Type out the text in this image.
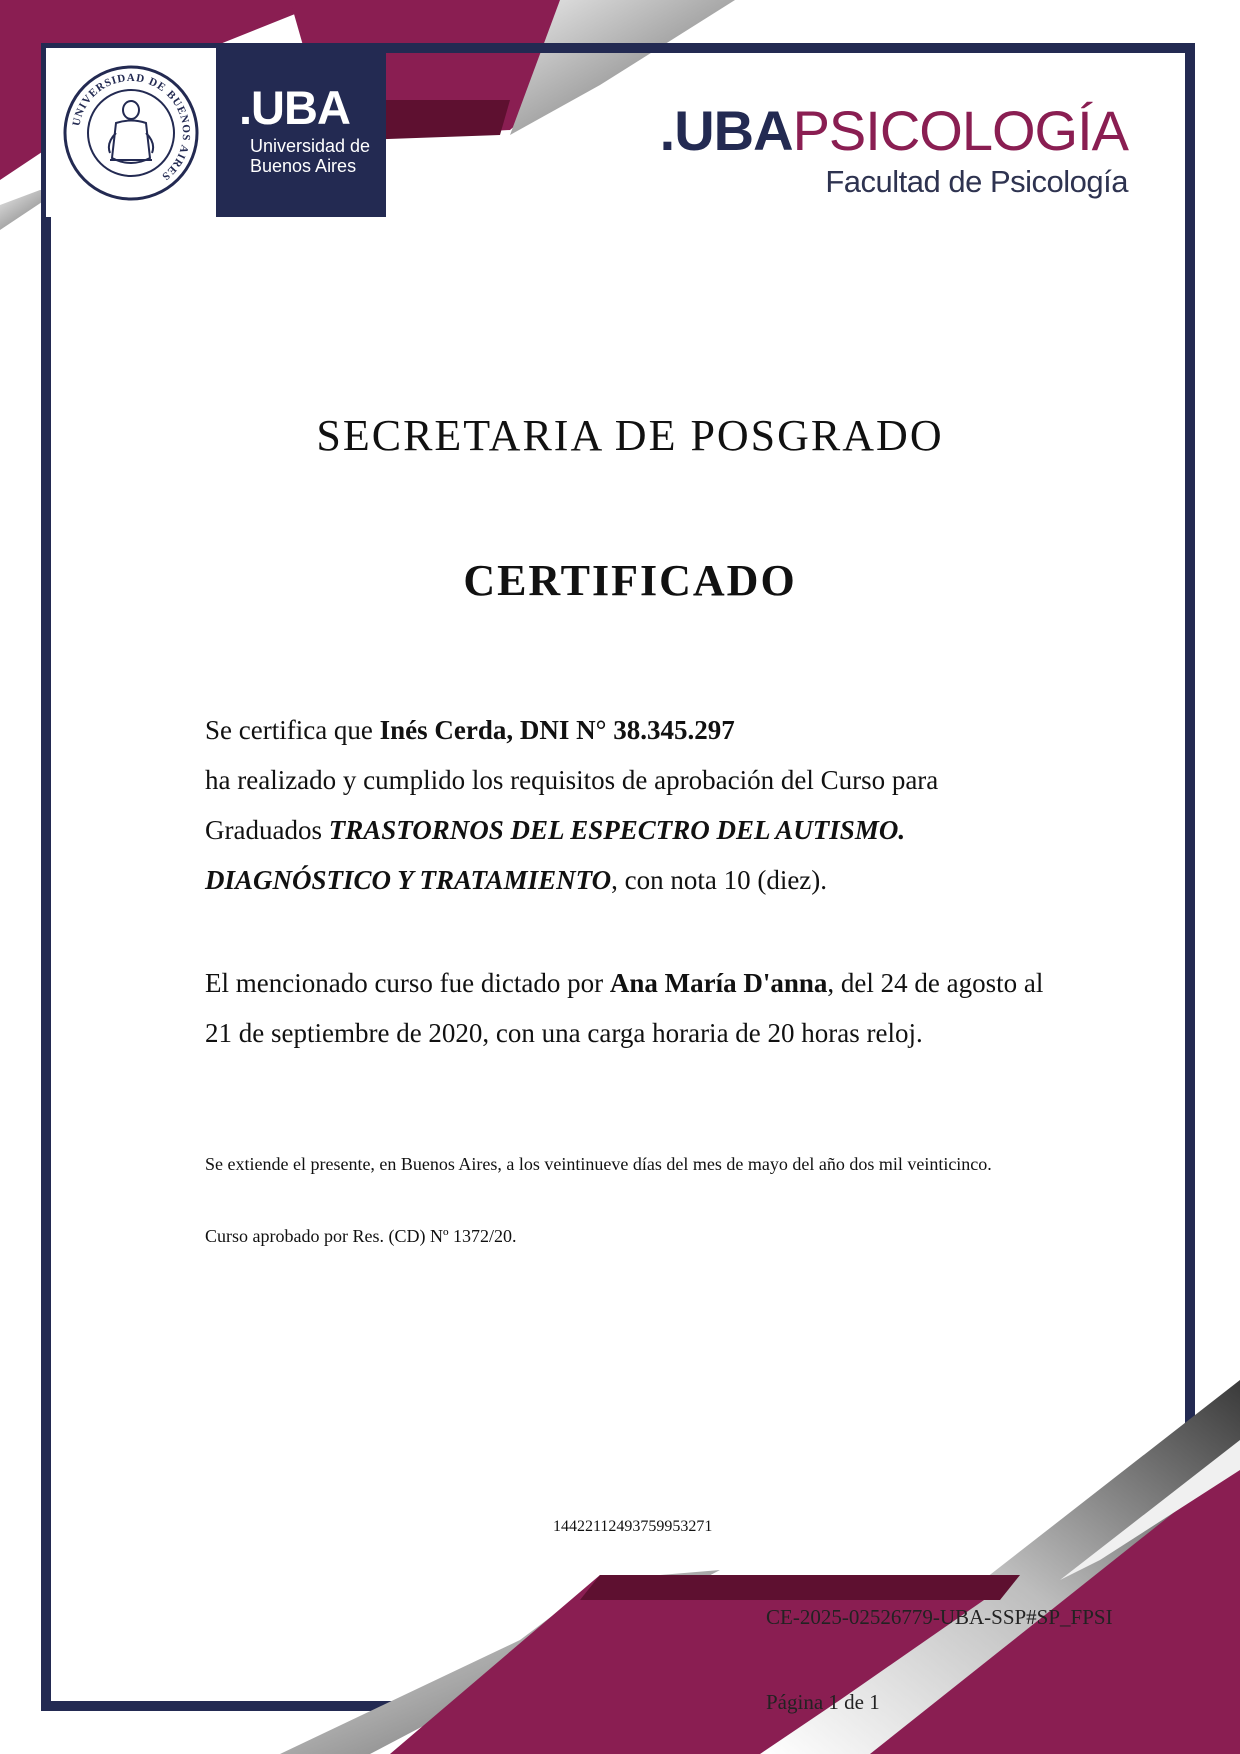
UNIVERSIDAD DE BUENOS AIRES
.UBA
Universidad de
Buenos Aires
.UBAPSICOLOGÍA
Facultad de Psicología
SECRETARIA DE POSGRADO
CERTIFICADO
Se certifica que Inés Cerda, DNI N° 38.345.297
ha realizado y cumplido los requisitos de aprobación del Curso para Graduados TRASTORNOS DEL ESPECTRO DEL AUTISMO. DIAGNÓSTICO Y TRATAMIENTO, con nota 10 (diez).
El mencionado curso fue dictado por Ana María D'anna, del 24 de agosto al 21 de septiembre de 2020, con una carga horaria de 20 horas reloj.
Se extiende el presente, en Buenos Aires, a los veintinueve días del mes de mayo del año dos mil veinticinco.
Curso aprobado por Res. (CD) Nº 1372/20.
14422112493759953271
CE-2025-02526779-UBA-SSP#SP_FPSI
Página 1 de 1
